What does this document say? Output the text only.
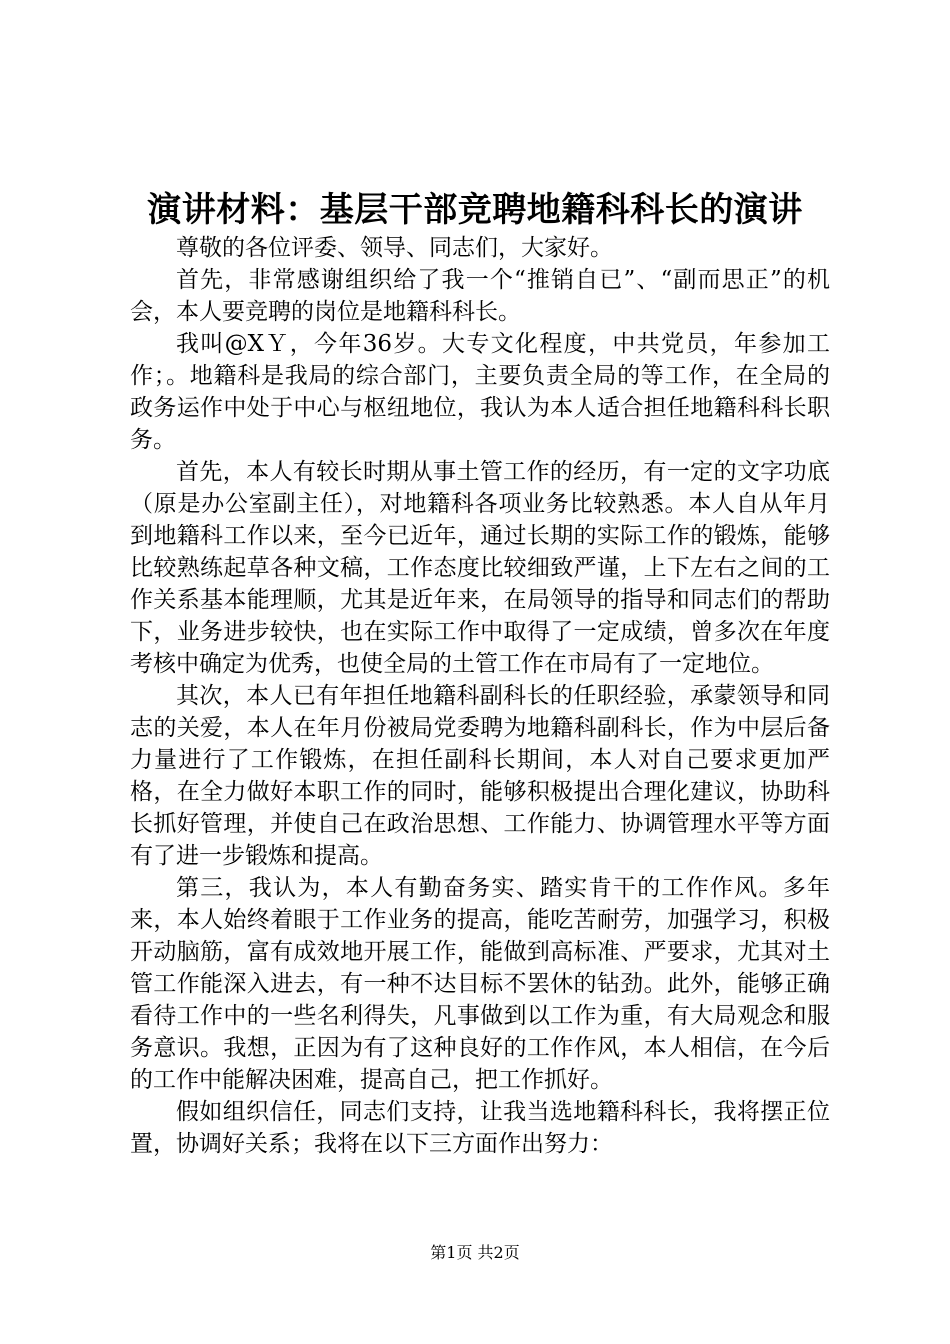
演讲材料：基层干部竞聘地籍科科长的演讲

尊敬的各位评委、领导、同志们，大家好。

首先，非常感谢组织给了我一个“推销自已”、“副而思正”的机会，本人要竞聘的岗位是地籍科科长。

我叫@XＹ，今年36岁。大专文化程度，中共党员，年参加工作；。地籍科是我局的综合部门，主要负责全局的等工作，在全局的政务运作中处于中心与枢纽地位，我认为本人适合担任地籍科科长职务。

首先，本人有较长时期从事土管工作的经历，有一定的文字功底（原是办公室副主任），对地籍科各项业务比较熟悉。本人自从年月到地籍科工作以来，至今已近年，通过长期的实际工作的锻炼，能够比较熟练起草各种文稿，工作态度比较细致严谨，上下左右之间的工作关系基本能理顺，尤其是近年来，在局领导的指导和同志们的帮助下，业务进步较快，也在实际工作中取得了一定成绩，曾多次在年度考核中确定为优秀，也使全局的土管工作在市局有了一定地位。

其次，本人已有年担任地籍科副科长的任职经验，承蒙领导和同志的关爱，本人在年月份被局党委聘为地籍科副科长，作为中层后备力量进行了工作锻炼，在担任副科长期间，本人对自己要求更加严格，在全力做好本职工作的同时，能够积极提出合理化建议，协助科长抓好管理，并使自己在政治思想、工作能力、协调管理水平等方面有了进一步锻炼和提高。

第三，我认为，本人有勤奋务实、踏实肯干的工作作风。多年来，本人始终着眼于工作业务的提高，能吃苦耐劳，加强学习，积极开动脑筋，富有成效地开展工作，能做到高标准、严要求，尤其对土管工作能深入进去，有一种不达目标不罢休的钻劲。此外，能够正确看待工作中的一些名利得失，凡事做到以工作为重，有大局观念和服务意识。我想，正因为有了这种良好的工作作风，本人相信，在今后的工作中能解决困难，提高自己，把工作抓好。

假如组织信任，同志们支持，让我当选地籍科科长，我将摆正位置，协调好关系；我将在以下三方面作出努力：

第1页 共2页
